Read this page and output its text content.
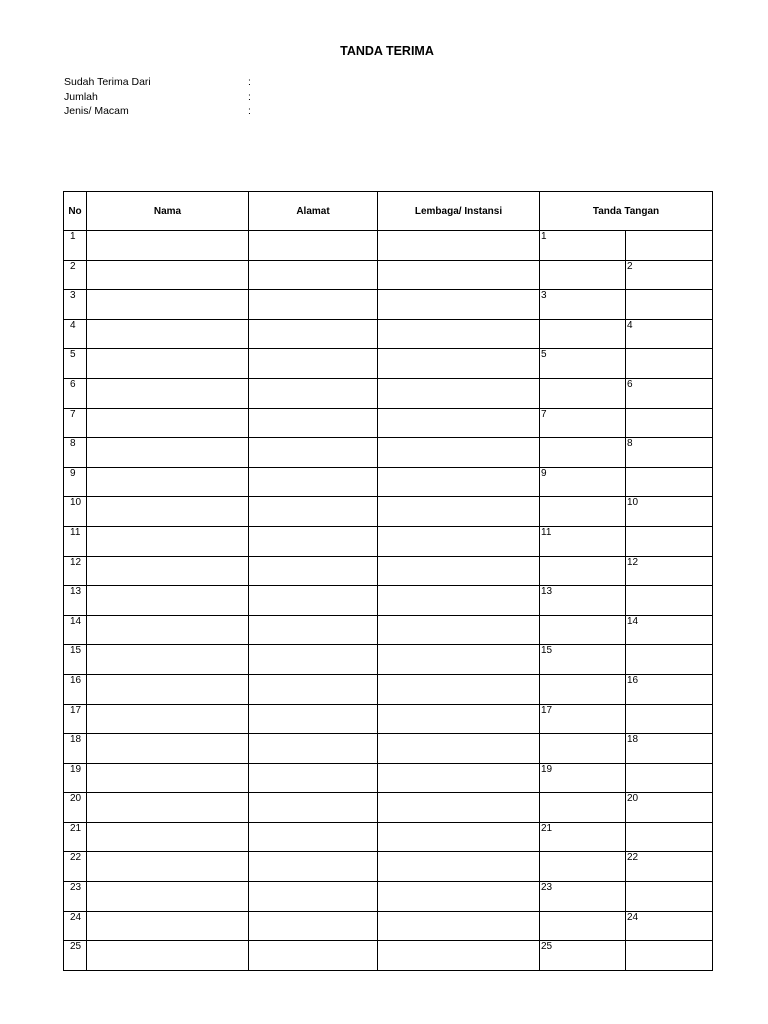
TANDA TERIMA
Sudah Terima Dari	:
Jumlah	:
Jenis/ Macam	:
No	Nama	Alamat	Lembaga/ Instansi	Tanda Tangan	
1				1	
2					2
3				3	
4					4
5				5	
6					6
7				7	
8					8
9				9	
10					10
11				11	
12					12
13				13	
14					14
15				15	
16					16
17				17	
18					18
19				19	
20					20
21				21	
22					22
23				23	
24					24
25				25	
